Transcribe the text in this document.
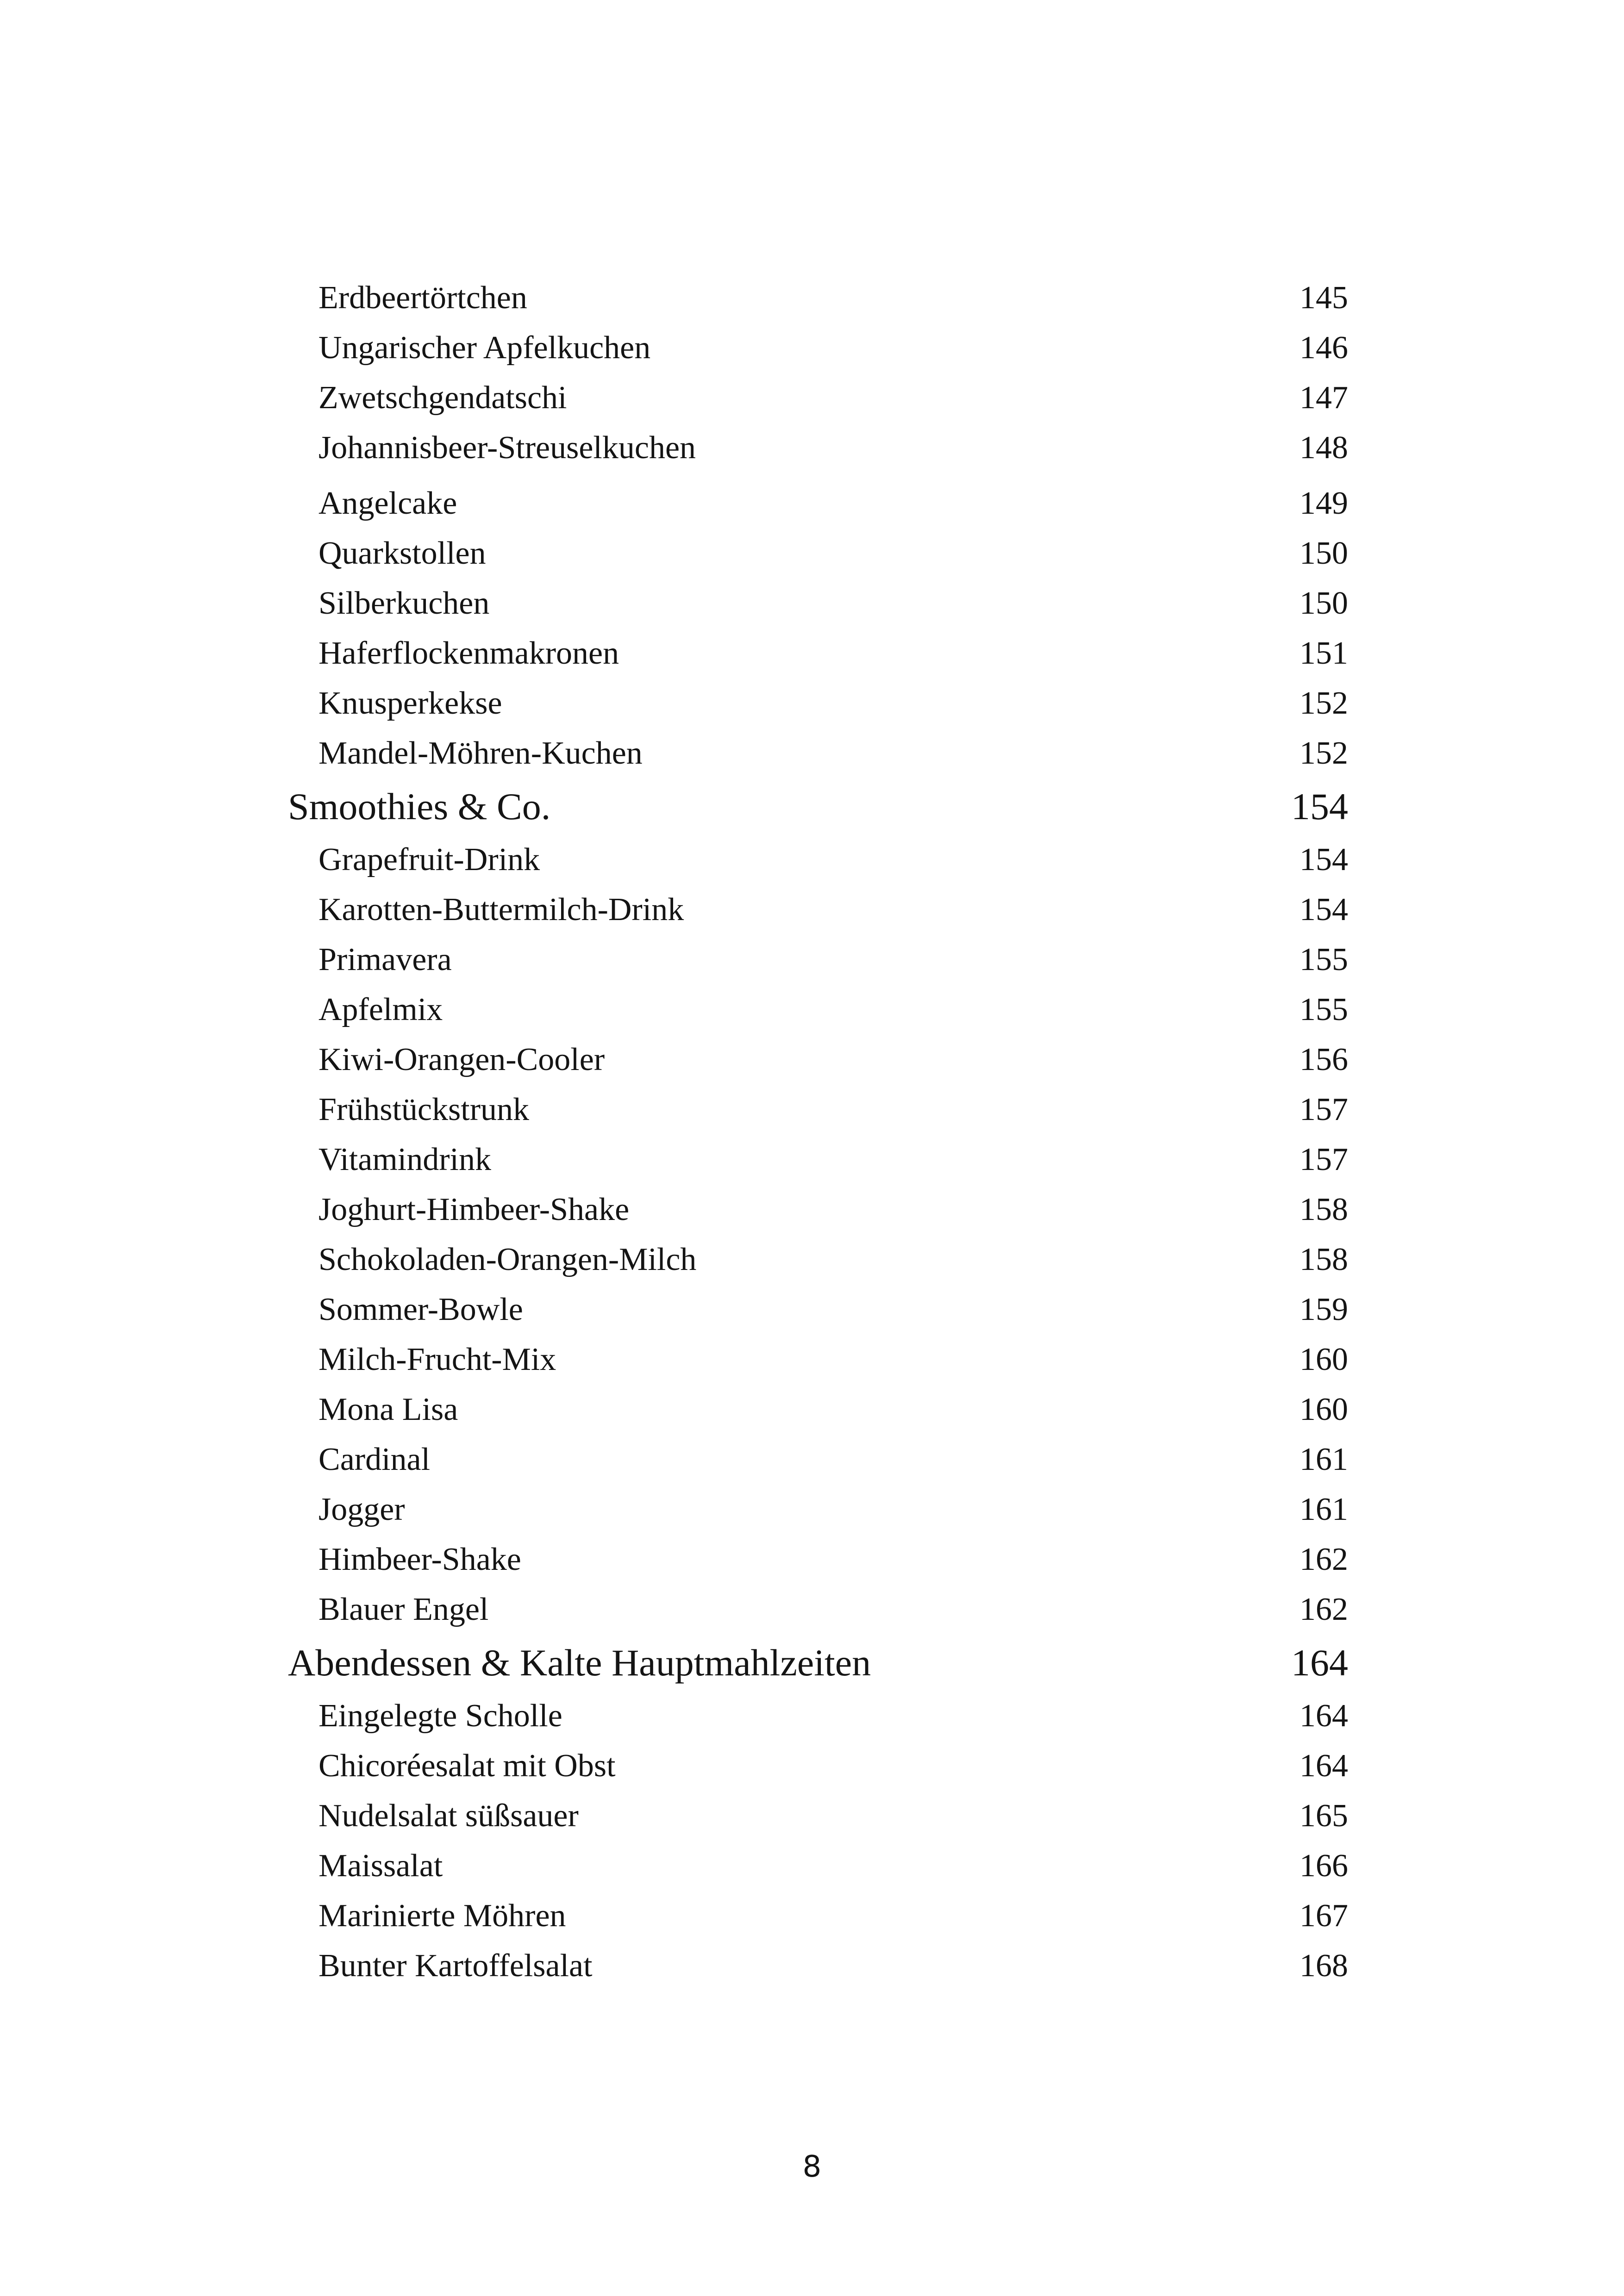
Erdbeertörtchen	145
Ungarischer Apfelkuchen	146
Zwetschgendatschi	147
Johannisbeer-Streuselkuchen	148
Angelcake	149
Quarkstollen	150
Silberkuchen	150
Haferflockenmakronen	151
Knusperkekse	152
Mandel-Möhren-Kuchen	152
Smoothies & Co.	154
Grapefruit-Drink	154
Karotten-Buttermilch-Drink	154
Primavera	155
Apfelmix	155
Kiwi-Orangen-Cooler	156
Frühstückstrunk	157
Vitamindrink	157
Joghurt-Himbeer-Shake	158
Schokoladen-Orangen-Milch	158
Sommer-Bowle	159
Milch-Frucht-Mix	160
Mona Lisa	160
Cardinal	161
Jogger	161
Himbeer-Shake	162
Blauer Engel	162
Abendessen & Kalte Hauptmahlzeiten	164
Eingelegte Scholle	164
Chicoréesalat mit Obst	164
Nudelsalat süßsauer	165
Maissalat	166
Marinierte Möhren	167
Bunter Kartoffelsalat	168
8
